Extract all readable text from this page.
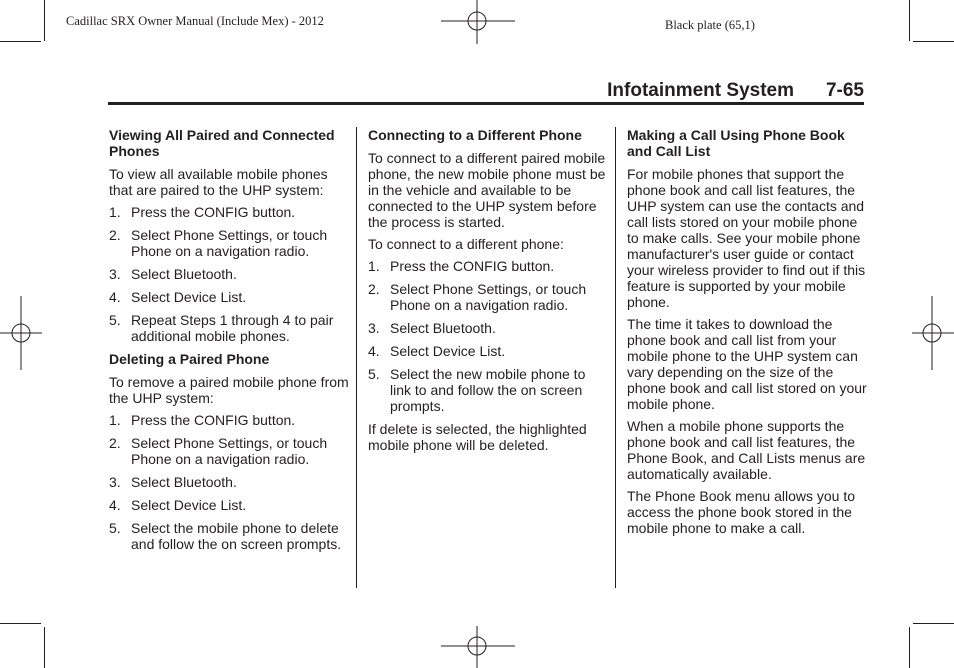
Cadillac SRX Owner Manual (Include Mex) - 2012	Black plate (65,1)
Infotainment System 7-65
Viewing All Paired and Connected Phones

To view all available mobile phones that are paired to the UHP system:

1. Press the CONFIG button.
2. Select Phone Settings, or touch Phone on a navigation radio.
3. Select Bluetooth.
4. Select Device List.
5. Repeat Steps 1 through 4 to pair additional mobile phones.
Deleting a Paired Phone

To remove a paired mobile phone from the UHP system:

1. Press the CONFIG button.
2. Select Phone Settings, or touch Phone on a navigation radio.
3. Select Bluetooth.
4. Select Device List.
5. Select the mobile phone to delete and follow the on screen prompts.
Connecting to a Different Phone

To connect to a different paired mobile phone, the new mobile phone must be in the vehicle and available to be connected to the UHP system before the process is started.

To connect to a different phone:

1. Press the CONFIG button.
2. Select Phone Settings, or touch Phone on a navigation radio.
3. Select Bluetooth.
4. Select Device List.
5. Select the new mobile phone to link to and follow the on screen prompts.

If delete is selected, the highlighted mobile phone will be deleted.

Making a Call Using Phone Book and Call List

For mobile phones that support the phone book and call list features, the UHP system can use the contacts and call lists stored on your mobile phone to make calls. See your mobile phone manufacturer's user guide or contact your wireless provider to find out if this feature is supported by your mobile phone.

The time it takes to download the phone book and call list from your mobile phone to the UHP system can vary depending on the size of the phone book and call list stored on your mobile phone.

When a mobile phone supports the phone book and call list features, the Phone Book, and Call Lists menus are automatically available.

The Phone Book menu allows you to access the phone book stored in the mobile phone to make a call.
